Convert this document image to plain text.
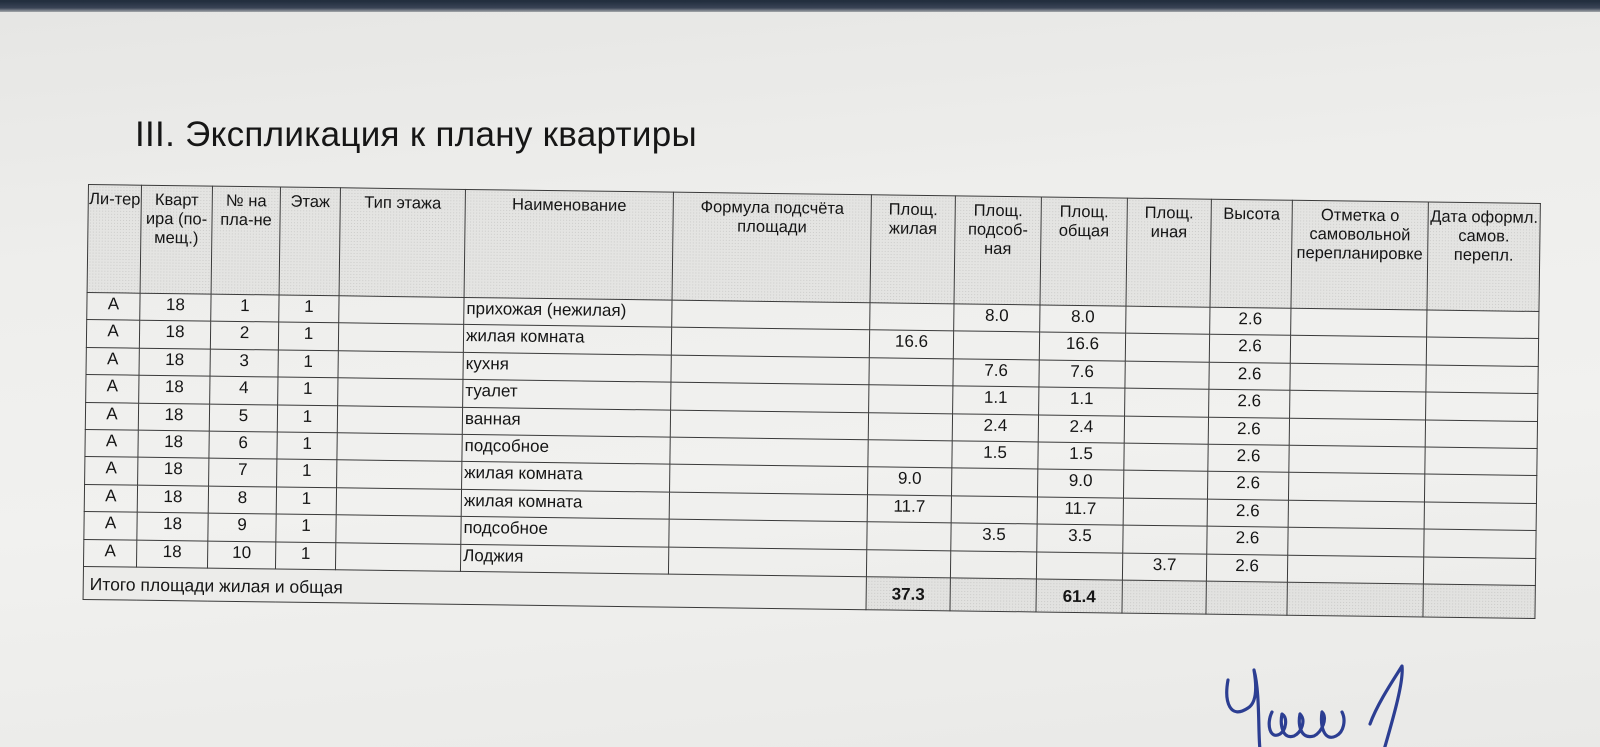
III. Экспликация к плану квартиры
Ли-тер	Кварт ира (по-мещ.)	№ на пла-не	Этаж	Тип этажа	Наименование	Формула подсчёта площади	Площ. жилая	Площ. подсоб-ная	Площ. общая	Площ. иная	Высота	Отметка о самовольной перепланировке	Дата оформл. самов. перепл.
А	18	1	1		прихожая (нежилая)			8.0	8.0		2.6		
А	18	2	1		жилая комната		16.6		16.6		2.6		
А	18	3	1		кухня			7.6	7.6		2.6		
А	18	4	1		туалет			1.1	1.1		2.6		
А	18	5	1		ванная			2.4	2.4		2.6		
А	18	6	1		подсобное			1.5	1.5		2.6		
А	18	7	1		жилая комната		9.0		9.0		2.6		
А	18	8	1		жилая комната		11.7		11.7		2.6		
А	18	9	1		подсобное			3.5	3.5		2.6		
А	18	10	1		Лоджия					3.7	2.6		
Итого площади жилая и общая							37.3		61.4				
